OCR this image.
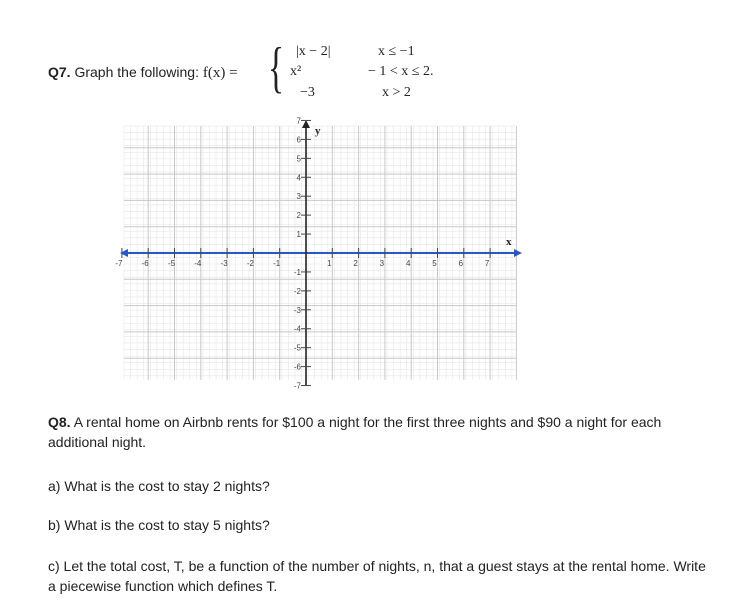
Q7. Graph the following: f(x) = { |x − 2|	x ≤ −1
x²	− 1 < x ≤ 2.
−3	x > 2
-7 -6 -5 -4 -3 -2 -1	1	2	3	4	5	6	7
7
6
5
4
3
2
1
-1
-2
-3
-4
-5
-6
-7
x
y
Q8. A rental home on Airbnb rents for $100 a night for the first three nights and $90 a night for each additional night.
a) What is the cost to stay 2 nights?
b) What is the cost to stay 5 nights?
c) Let the total cost, T, be a function of the number of nights, n, that a guest stays at the rental home. Write a piecewise function which defines T.
